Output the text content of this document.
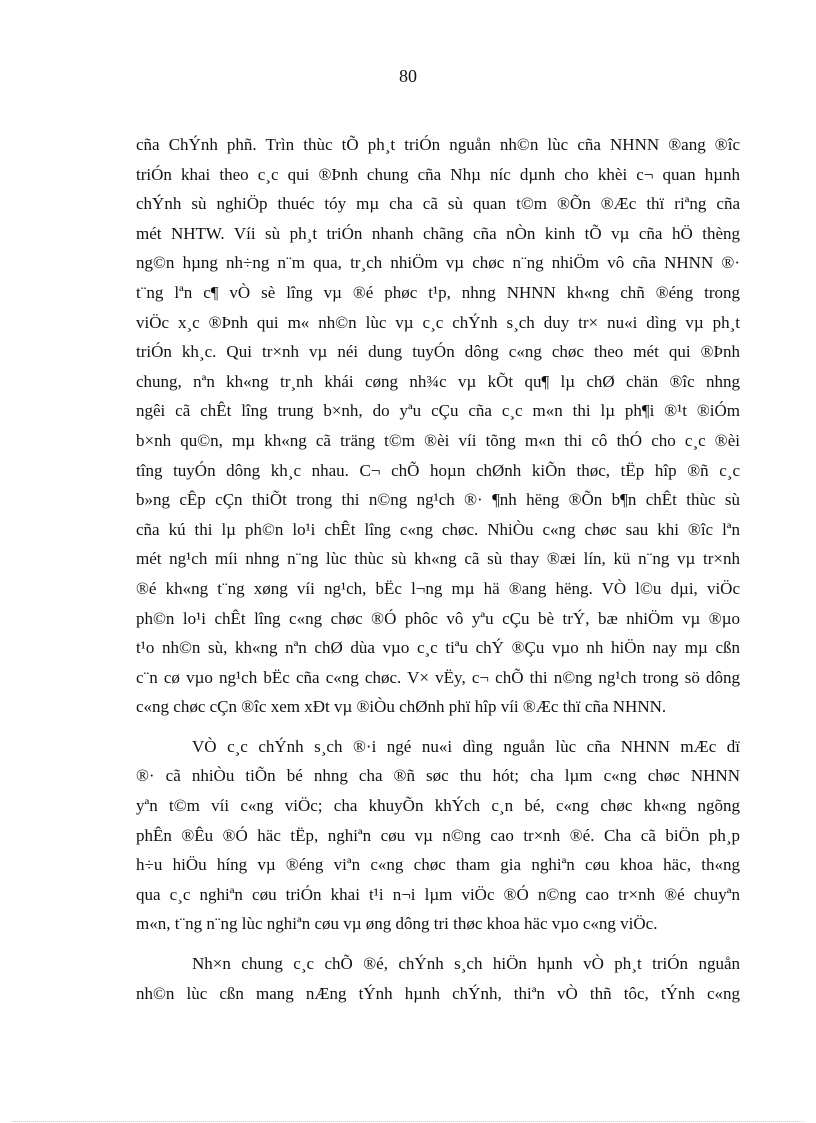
80
cña ChÝnh phñ. Trìn thùc tÕ ph¸t triÓn nguån nh©n lùc cña NHNN ®ang ®îc
triÓn khai theo c¸c qui ®Þnh chung cña Nhµ níc dµnh cho khèi c¬ quan hµnh
chÝnh sù nghiÖp thuéc tóy mµ cha cã sù quan t©m ®Õn ®Æc thï riªng cña
mét NHTW. Víi sù ph¸t triÓn nhanh chãng cña nÒn kinh tÕ vµ cña hÖ thèng
ng©n hµng nh÷ng n¨m qua, tr¸ch nhiÖm vµ chøc n¨ng nhiÖm vô cña NHNN ®·
t¨ng lªn c¶ vÒ sè lîng vµ ®é phøc t¹p, nhng NHNN kh«ng chñ ®éng trong
viÖc x¸c ®Þnh qui m« nh©n lùc vµ c¸c chÝnh s¸ch duy tr× nu«i dìng vµ ph¸t
triÓn kh¸c. Qui tr×nh vµ néi dung tuyÓn dông c«ng chøc theo mét qui ®Þnh
chung, nªn kh«ng tr¸nh khái cøng nh¾c vµ kÕt qu¶ lµ chØ chän ®îc nhng
ngêi cã chÊt lîng trung b×nh, do yªu cÇu cña c¸c m«n thi lµ ph¶i ®¹t ®iÓm
b×nh qu©n, mµ kh«ng cã träng t©m ®èi víi tõng m«n thi cô thÓ cho c¸c ®èi
tîng tuyÓn dông kh¸c nhau. C¬ chÕ hoµn chØnh kiÕn thøc, tËp hîp ®ñ c¸c
b»ng cÊp cÇn thiÕt trong thi n©ng ng¹ch ®· ¶nh hëng ®Õn b¶n chÊt thùc sù
cña kú thi lµ ph©n lo¹i chÊt lîng c«ng chøc. NhiÒu c«ng chøc sau khi ®îc lªn
mét ng¹ch míi nhng n¨ng lùc thùc sù kh«ng cã sù thay ®æi lín, kü n¨ng vµ tr×nh
®é kh«ng t¨ng xøng víi ng¹ch, bËc l¬ng mµ hä ®ang hëng. VÒ l©u dµi, viÖc
ph©n lo¹i chÊt lîng c«ng chøc ®Ó phôc vô yªu cÇu bè trÝ, bæ nhiÖm vµ ®µo
t¹o nh©n sù, kh«ng nªn chØ dùa vµo c¸c tiªu chÝ ®Çu vµo nh hiÖn nay mµ cßn
c¨n cø vµo ng¹ch bËc cña c«ng chøc. V× vËy, c¬ chÕ thi n©ng ng¹ch trong sö dông
c«ng chøc cÇn ®îc xem xÐt vµ ®iÒu chØnh phï hîp víi ®Æc thï cña NHNN.
VÒ c¸c chÝnh s¸ch ®·i ngé nu«i dìng nguån lùc cña NHNN mÆc dï
®· cã nhiÒu tiÕn bé nhng cha ®ñ søc thu hót; cha lµm c«ng chøc NHNN
yªn t©m víi c«ng viÖc; cha khuyÕn khÝch c¸n bé, c«ng chøc kh«ng ngõng
phÊn ®Êu ®Ó häc tËp, nghiªn cøu vµ n©ng cao tr×nh ®é. Cha cã biÖn ph¸p
h÷u hiÖu híng vµ ®éng viªn c«ng chøc tham gia nghiªn cøu khoa häc, th«ng
qua c¸c nghiªn cøu triÓn khai t¹i n¬i lµm viÖc ®Ó n©ng cao tr×nh ®é chuyªn
m«n, t¨ng n¨ng lùc nghiªn cøu vµ øng dông tri thøc khoa häc vµo c«ng viÖc.
Nh×n chung c¸c chÕ ®é, chÝnh s¸ch hiÖn hµnh vÒ ph¸t triÓn nguån
nh©n lùc cßn mang nÆng tÝnh hµnh chÝnh, thiªn vÒ thñ tôc, tÝnh c«ng
